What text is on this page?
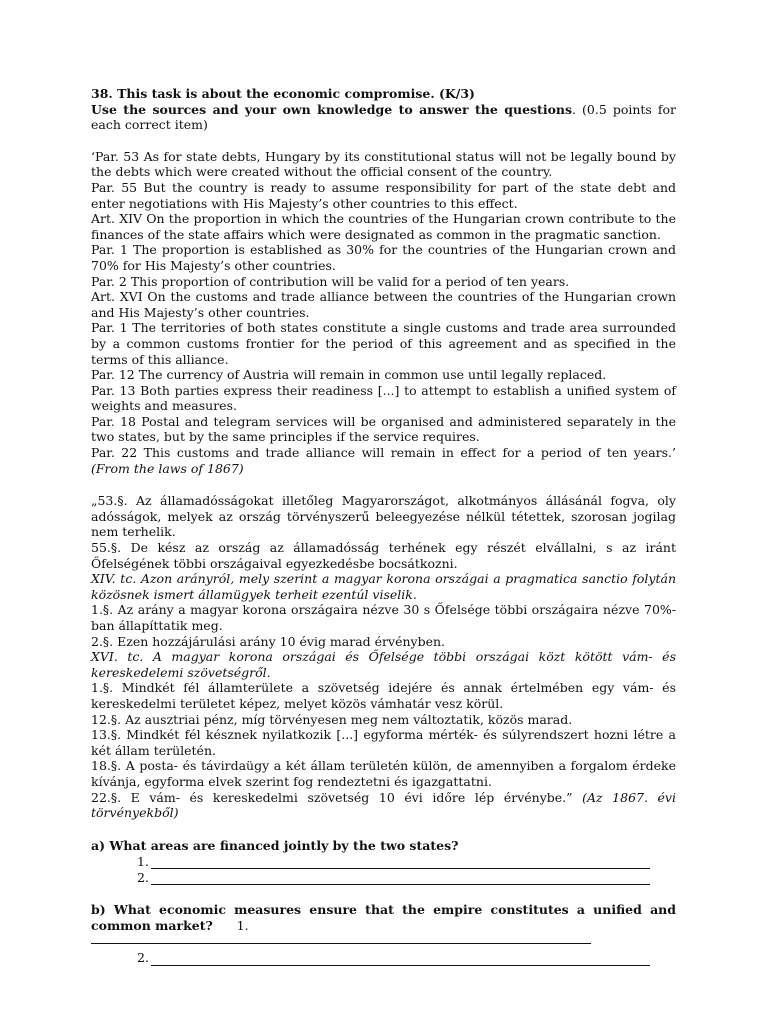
38. This task is about the economic compromise. (K/3)

Use the sources and your own knowledge to answer the questions. (0.5 points for each correct item)

‘Par. 53 As for state debts, Hungary by its constitutional status will not be legally bound by the debts which were created without the official consent of the country.

Par. 55 But the country is ready to assume responsibility for part of the state debt and enter negotiations with His Majesty’s other countries to this effect.

Art. XIV On the proportion in which the countries of the Hungarian crown contribute to the finances of the state affairs which were designated as common in the pragmatic sanction.

Par. 1 The proportion is established as 30% for the countries of the Hungarian crown and 70% for His Majesty’s other countries.

Par. 2 This proportion of contribution will be valid for a period of ten years.

Art. XVI On the customs and trade alliance between the countries of the Hungarian crown and His Majesty’s other countries.

Par. 1 The territories of both states constitute a single customs and trade area surrounded by a common customs frontier for the period of this agreement and as specified in the terms of this alliance.

Par. 12 The currency of Austria will remain in common use until legally replaced.

Par. 13 Both parties express their readiness [...] to attempt to establish a unified system of weights and measures.

Par. 18 Postal and telegram services will be organised and administered separately in the two states, but by the same principles if the service requires.

Par. 22 This customs and trade alliance will remain in effect for a period of ten years.’ (From the laws of 1867)

„53.§. Az államadósságokat illetőleg Magyarországot, alkotmányos állásánál fogva, oly adósságok, melyek az ország törvényszerű beleegyezése nélkül tétettek, szorosan jogilag nem terhelik.

55.§. De kész az ország az államadósság terhének egy részét elvállalni, s az iránt Őfelségének többi országaival egyezkedésbe bocsátkozni.

XIV. tc. Azon arányról, mely szerint a magyar korona országai a pragmatica sanctio folytán közösnek ismert államügyek terheit ezentúl viselik.

1.§. Az arány a magyar korona országaira nézve 30 s Őfelsége többi országaira nézve 70%-ban állapíttatik meg.

2.§. Ezen hozzájárulási arány 10 évig marad érvényben.

XVI. tc. A magyar korona országai és Őfelsége többi országai közt kötött vám- és kereskedelemi szövetségről.

1.§. Mindkét fél államterülete a szövetség idejére és annak értelmében egy vám- és kereskedelmi területet képez, melyet közös vámhatár vesz körül.

12.§. Az ausztriai pénz, míg törvényesen meg nem változtatik, közös marad.

13.§. Mindkét fél késznek nyilatkozik [...] egyforma mérték- és súlyrendszert hozni létre a két állam területén.

18.§. A posta- és távirdaügy a két állam területén külön, de amennyiben a forgalom érdeke kívánja, egyforma elvek szerint fog rendeztetni és igazgattatni.

22.§. E vám- és kereskedelmi szövetség 10 évi időre lép érvénybe.” (Az 1867. évi törvényekből)

a) What areas are financed jointly by the two states?

1.
2.

b) What economic measures ensure that the empire constitutes a unified and common market? 1.

2.
